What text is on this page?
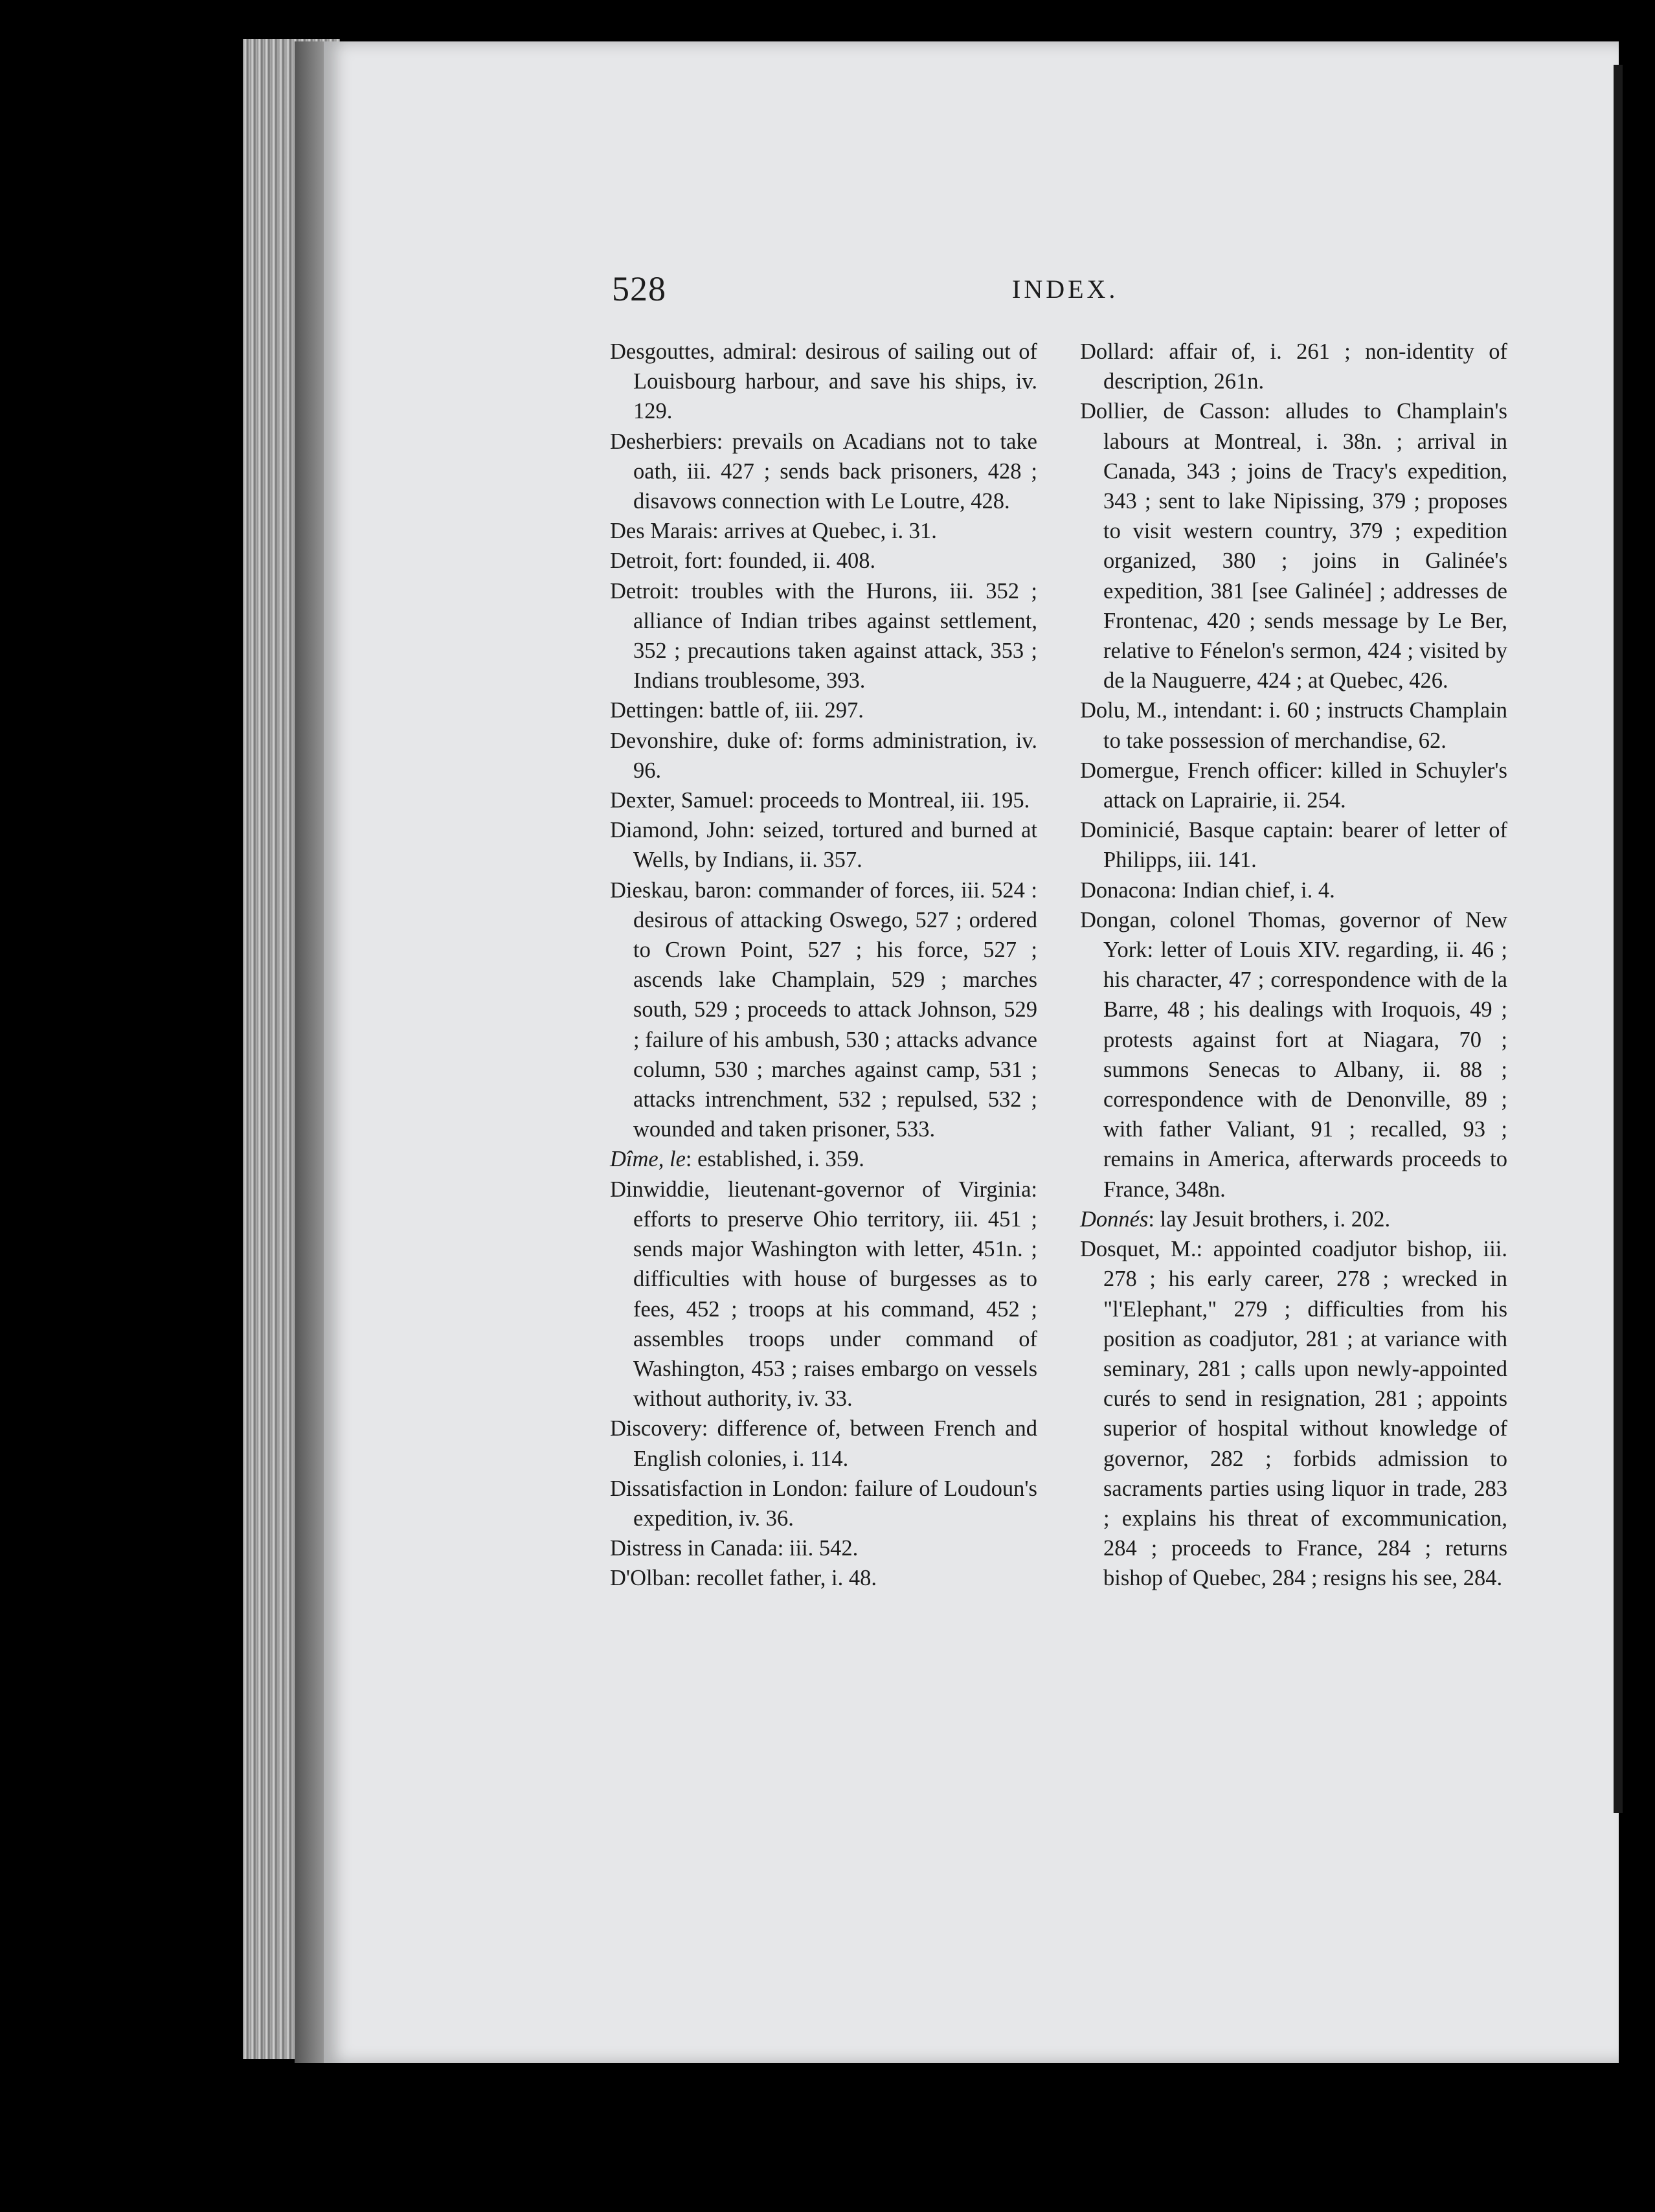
528	INDEX.

Desgouttes, admiral: desirous of sailing out of Louisbourg harbour, and save his ships, iv. 129.

Desherbiers: prevails on Acadians not to take oath, iii. 427 ; sends back prisoners, 428 ; disavows connection with Le Loutre, 428.

Des Marais: arrives at Quebec, i. 31.

Detroit, fort: founded, ii. 408.

Detroit: troubles with the Hurons, iii. 352 ; alliance of Indian tribes against settlement, 352 ; precautions taken against attack, 353 ; Indians troublesome, 393.

Dettingen: battle of, iii. 297.

Devonshire, duke of: forms administration, iv. 96.

Dexter, Samuel: proceeds to Montreal, iii. 195.

Diamond, John: seized, tortured and burned at Wells, by Indians, ii. 357.

Dieskau, baron: commander of forces, iii. 524 : desirous of attacking Oswego, 527 ; ordered to Crown Point, 527 ; his force, 527 ; ascends lake Champlain, 529 ; marches south, 529 ; proceeds to attack Johnson, 529 ; failure of his ambush, 530 ; attacks advance column, 530 ; marches against camp, 531 ; attacks intrenchment, 532 ; repulsed, 532 ; wounded and taken prisoner, 533.

Dîme, le: established, i. 359.

Dinwiddie, lieutenant-governor of Virginia: efforts to preserve Ohio territory, iii. 451 ; sends major Washington with letter, 451n. ; difficulties with house of burgesses as to fees, 452 ; troops at his command, 452 ; assembles troops under command of Washington, 453 ; raises embargo on vessels without authority, iv. 33.

Discovery: difference of, between French and English colonies, i. 114.

Dissatisfaction in London: failure of Loudoun's expedition, iv. 36.

Distress in Canada: iii. 542.

D'Olban: recollet father, i. 48.

Dollard: affair of, i. 261 ; non-identity of description, 261n.

Dollier, de Casson: alludes to Champlain's labours at Montreal, i. 38n. ; arrival in Canada, 343 ; joins de Tracy's expedition, 343 ; sent to lake Nipissing, 379 ; proposes to visit western country, 379 ; expedition organized, 380 ; joins in Galinée's expedition, 381 [see Galinée] ; addresses de Frontenac, 420 ; sends message by Le Ber, relative to Fénelon's sermon, 424 ; visited by de la Nauguerre, 424 ; at Quebec, 426.

Dolu, M., intendant: i. 60 ; instructs Champlain to take possession of merchandise, 62.

Domergue, French officer: killed in Schuyler's attack on Laprairie, ii. 254.

Dominicié, Basque captain: bearer of letter of Philipps, iii. 141.

Donacona: Indian chief, i. 4.

Dongan, colonel Thomas, governor of New York: letter of Louis XIV. regarding, ii. 46 ; his character, 47 ; correspondence with de la Barre, 48 ; his dealings with Iroquois, 49 ; protests against fort at Niagara, 70 ; summons Senecas to Albany, ii. 88 ; correspondence with de Denonville, 89 ; with father Valiant, 91 ; recalled, 93 ; remains in America, afterwards proceeds to France, 348n.

Donnés: lay Jesuit brothers, i. 202.

Dosquet, M.: appointed coadjutor bishop, iii. 278 ; his early career, 278 ; wrecked in "l'Elephant," 279 ; difficulties from his position as coadjutor, 281 ; at variance with seminary, 281 ; calls upon newly-appointed curés to send in resignation, 281 ; appoints superior of hospital without knowledge of governor, 282 ; forbids admission to sacraments parties using liquor in trade, 283 ; explains his threat of excommunication, 284 ; proceeds to France, 284 ; returns bishop of Quebec, 284 ; resigns his see, 284.
